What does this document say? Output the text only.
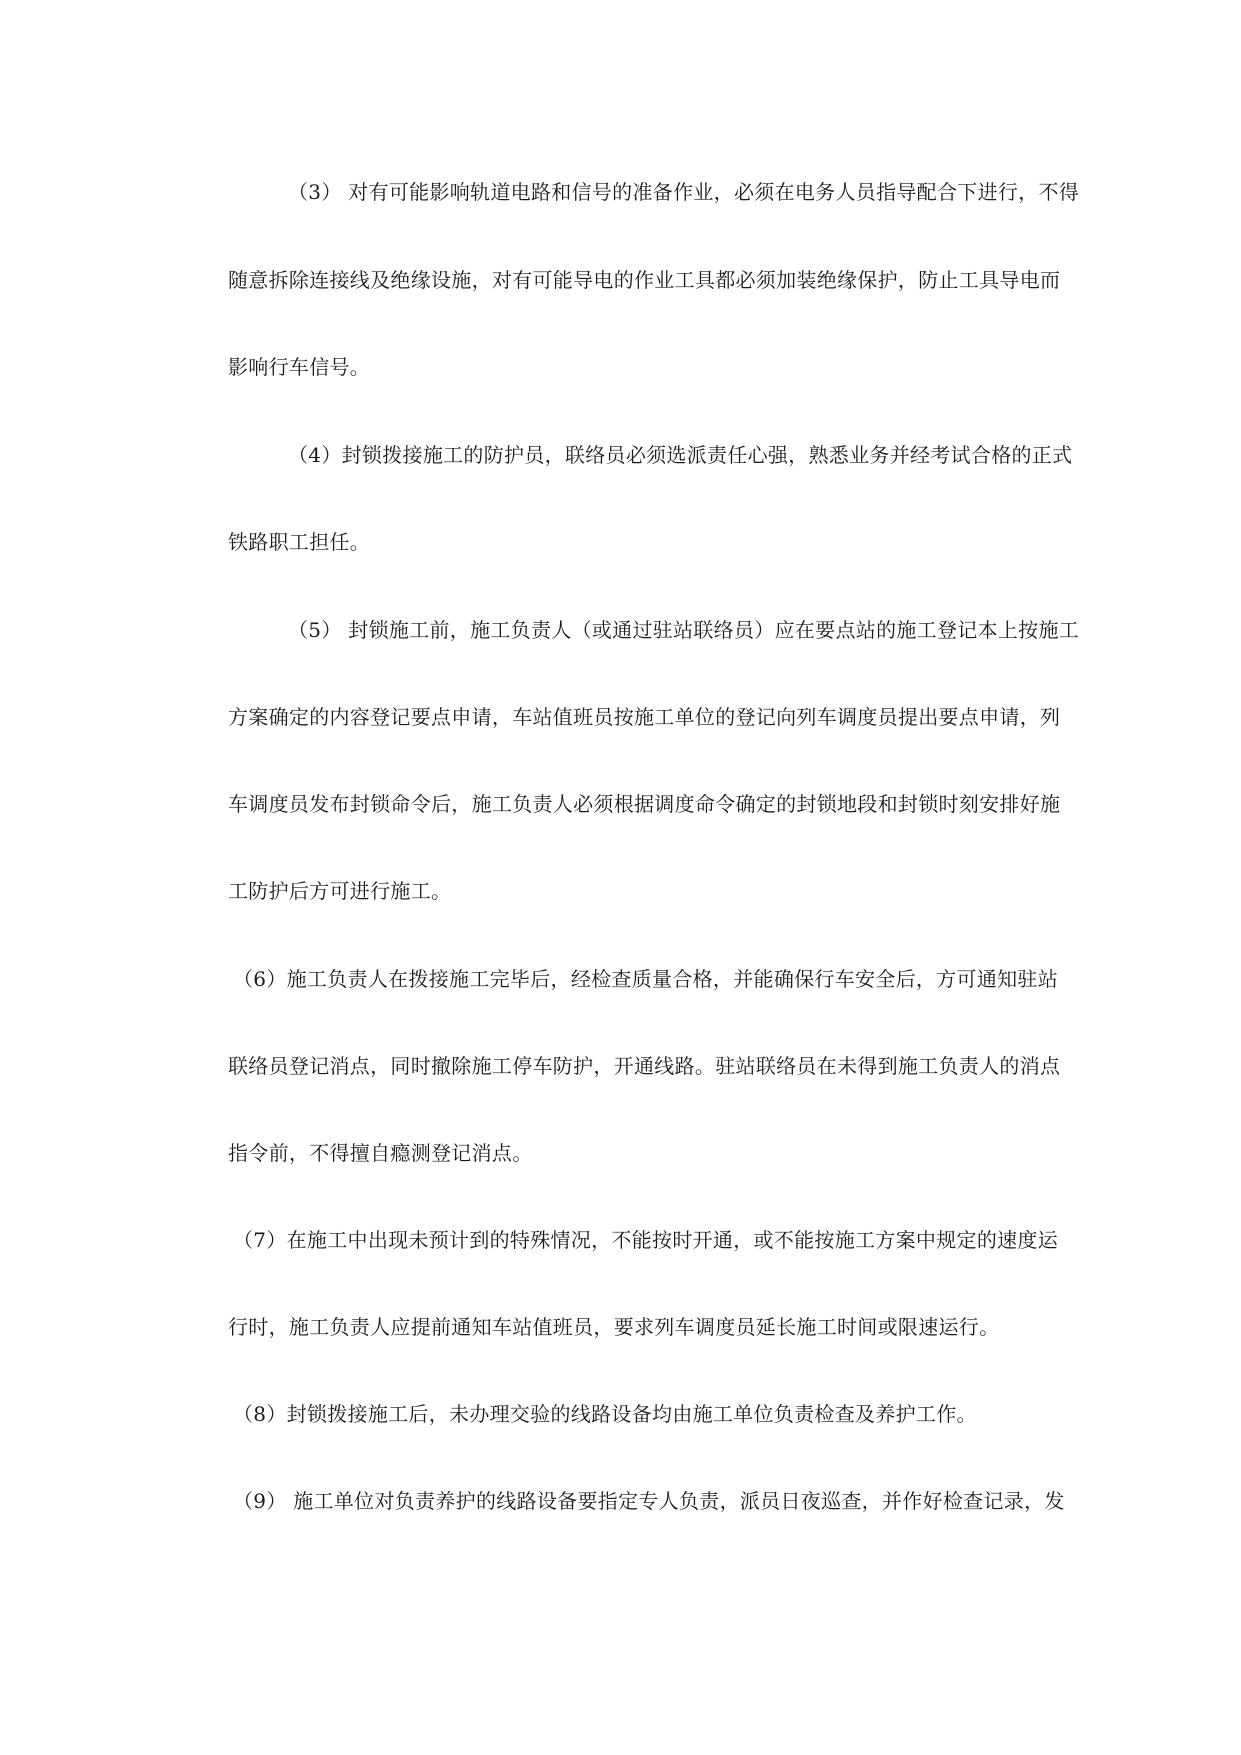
（3） 对有可能影响轨道电路和信号的准备作业，必须在电务人员指导配合下进行，不得
随意拆除连接线及绝缘设施，对有可能导电的作业工具都必须加装绝缘保护，防止工具导电而
影响行车信号。
（4）封锁拨接施工的防护员，联络员必须选派责任心强，熟悉业务并经考试合格的正式
铁路职工担任。
（5） 封锁施工前，施工负责人（或通过驻站联络员）应在要点站的施工登记本上按施工
方案确定的内容登记要点申请，车站值班员按施工单位的登记向列车调度员提出要点申请，列
车调度员发布封锁命令后，施工负责人必须根据调度命令确定的封锁地段和封锁时刻安排好施
工防护后方可进行施工。
（6）施工负责人在拨接施工完毕后，经检查质量合格，并能确保行车安全后，方可通知驻站
联络员登记消点，同时撤除施工停车防护，开通线路。驻站联络员在未得到施工负责人的消点
指令前，不得擅自瘾测登记消点。
（7）在施工中出现未预计到的特殊情况，不能按时开通，或不能按施工方案中规定的速度运
行时，施工负责人应提前通知车站值班员，要求列车调度员延长施工时间或限速运行。
（8）封锁拨接施工后，未办理交验的线路设备均由施工单位负责检查及养护工作。
（9） 施工单位对负责养护的线路设备要指定专人负责，派员日夜巡查，并作好检查记录，发
